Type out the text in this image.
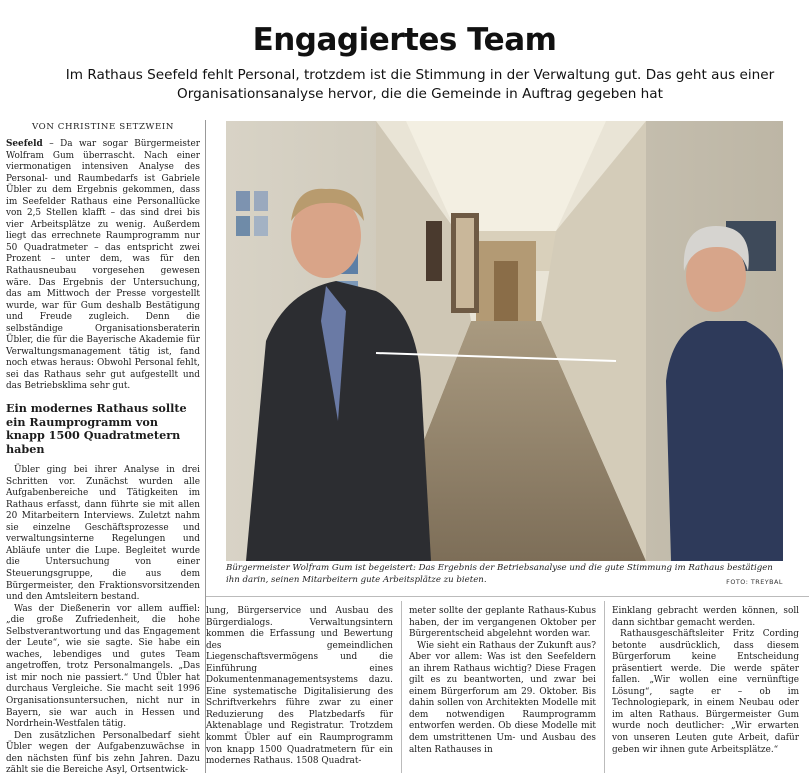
Engagiertes Team

Im Rathaus Seefeld fehlt Personal, trotzdem ist die Stimmung in der Verwaltung gut. Das geht aus einer Organisationsanalyse hervor, die die Gemeinde in Auftrag gegeben hat

VON CHRISTINE SETZWEIN

Seefeld – Da war sogar Bürgermeister Wolfram Gum überrascht. Nach einer viermonatigen intensiven Analyse des Personal- und Raumbedarfs ist Gabriele Übler zu dem Ergebnis gekommen, dass im Seefelder Rathaus eine Personallücke von 2,5 Stellen klafft – das sind drei bis vier Arbeitsplätze zu wenig. Außerdem liegt das errechnete Raumprogramm nur 50 Quadratmeter – das entspricht zwei Prozent – unter dem, was für den Rathausneubau vorgesehen gewesen wäre. Das Ergebnis der Untersuchung, das am Mittwoch der Presse vorgestellt wurde, war für Gum deshalb Bestätigung und Freude zugleich. Denn die selbständige Organisationsberaterin Übler, die für die Bayerische Akademie für Verwaltungsmanagement tätig ist, fand noch etwas heraus: Obwohl Personal fehlt, sei das Rathaus sehr gut aufgestellt und das Betriebsklima sehr gut.

Ein modernes Rathaus sollte ein Raumprogramm von knapp 1500 Quadratmetern haben

Übler ging bei ihrer Analyse in drei Schritten vor. Zunächst wurden alle Aufgabenbereiche und Tätigkeiten im Rathaus erfasst, dann führte sie mit allen 20 Mitarbeitern Interviews. Zuletzt nahm sie einzelne Geschäftsprozesse und verwaltungsinterne Regelungen und Abläufe unter die Lupe. Begleitet wurde die Untersuchung von einer Steuerungsgruppe, die aus dem Bürgermeister, den Fraktionsvorsitzenden und den Amtsleitern bestand.

Was der Dießenerin vor allem auffiel: „die große Zufriedenheit, die hohe Selbstverantwortung und das Engagement der Leute“, wie sie sagte. Sie habe ein waches, lebendiges und gutes Team angetroffen, trotz Personalmangels. „Das ist mir noch nie passiert.“ Und Übler hat durchaus Vergleiche. Sie macht seit 1996 Organisationsuntersuchen, nicht nur in Bayern, sie war auch in Hessen und Nordrhein-Westfalen tätig.

Den zusätzlichen Personalbedarf sieht Übler wegen der Aufgabenzuwächse in den nächsten fünf bis zehn Jahren. Dazu zählt sie die Bereiche Asyl, Ortsentwick-

Bürgermeister Wolfram Gum ist begeistert: Das Ergebnis der Betriebsanalyse und die gute Stimmung im Rathaus bestätigen ihn darin, seinen Mitarbeitern gute Arbeitsplätze zu bieten.	FOTO: TREYBAL

lung, Bürgerservice und Ausbau des Bürgerdialogs. Verwaltungsintern kommen die Erfassung und Bewertung des gemeindlichen Liegenschaftsvermögens und die Einführung eines Dokumentenmanagementsystems dazu. Eine systematische Digitalisierung des Schriftverkehrs führe zwar zu einer Reduzierung des Platzbedarfs für Aktenablage und Registratur. Trotzdem kommt Übler auf ein Raumprogramm von knapp 1500 Quadratmetern für ein modernes Rathaus. 1508 Quadrat-

meter sollte der geplante Rathaus-Kubus haben, der im vergangenen Oktober per Bürgerentscheid abgelehnt worden war.

Wie sieht ein Rathaus der Zukunft aus? Aber vor allem: Was ist den Seefeldern an ihrem Rathaus wichtig? Diese Fragen gilt es zu beantworten, und zwar bei einem Bürgerforum am 29. Oktober. Bis dahin sollen von Architekten Modelle mit dem notwendigen Raumprogramm entworfen werden. Ob diese Modelle mit dem umstrittenen Um- und Ausbau des alten Rathauses in

Einklang gebracht werden können, soll dann sichtbar gemacht werden.

Rathausgeschäftsleiter Fritz Cording betonte ausdrücklich, dass diesem Bürgerforum keine Entscheidung präsentiert werde. Die werde später fallen. „Wir wollen eine vernünftige Lösung“, sagte er – ob im Technologiepark, in einem Neubau oder im alten Rathaus. Bürgermeister Gum wurde noch deutlicher: „Wir erwarten von unseren Leuten gute Arbeit, dafür geben wir ihnen gute Arbeitsplätze.“
